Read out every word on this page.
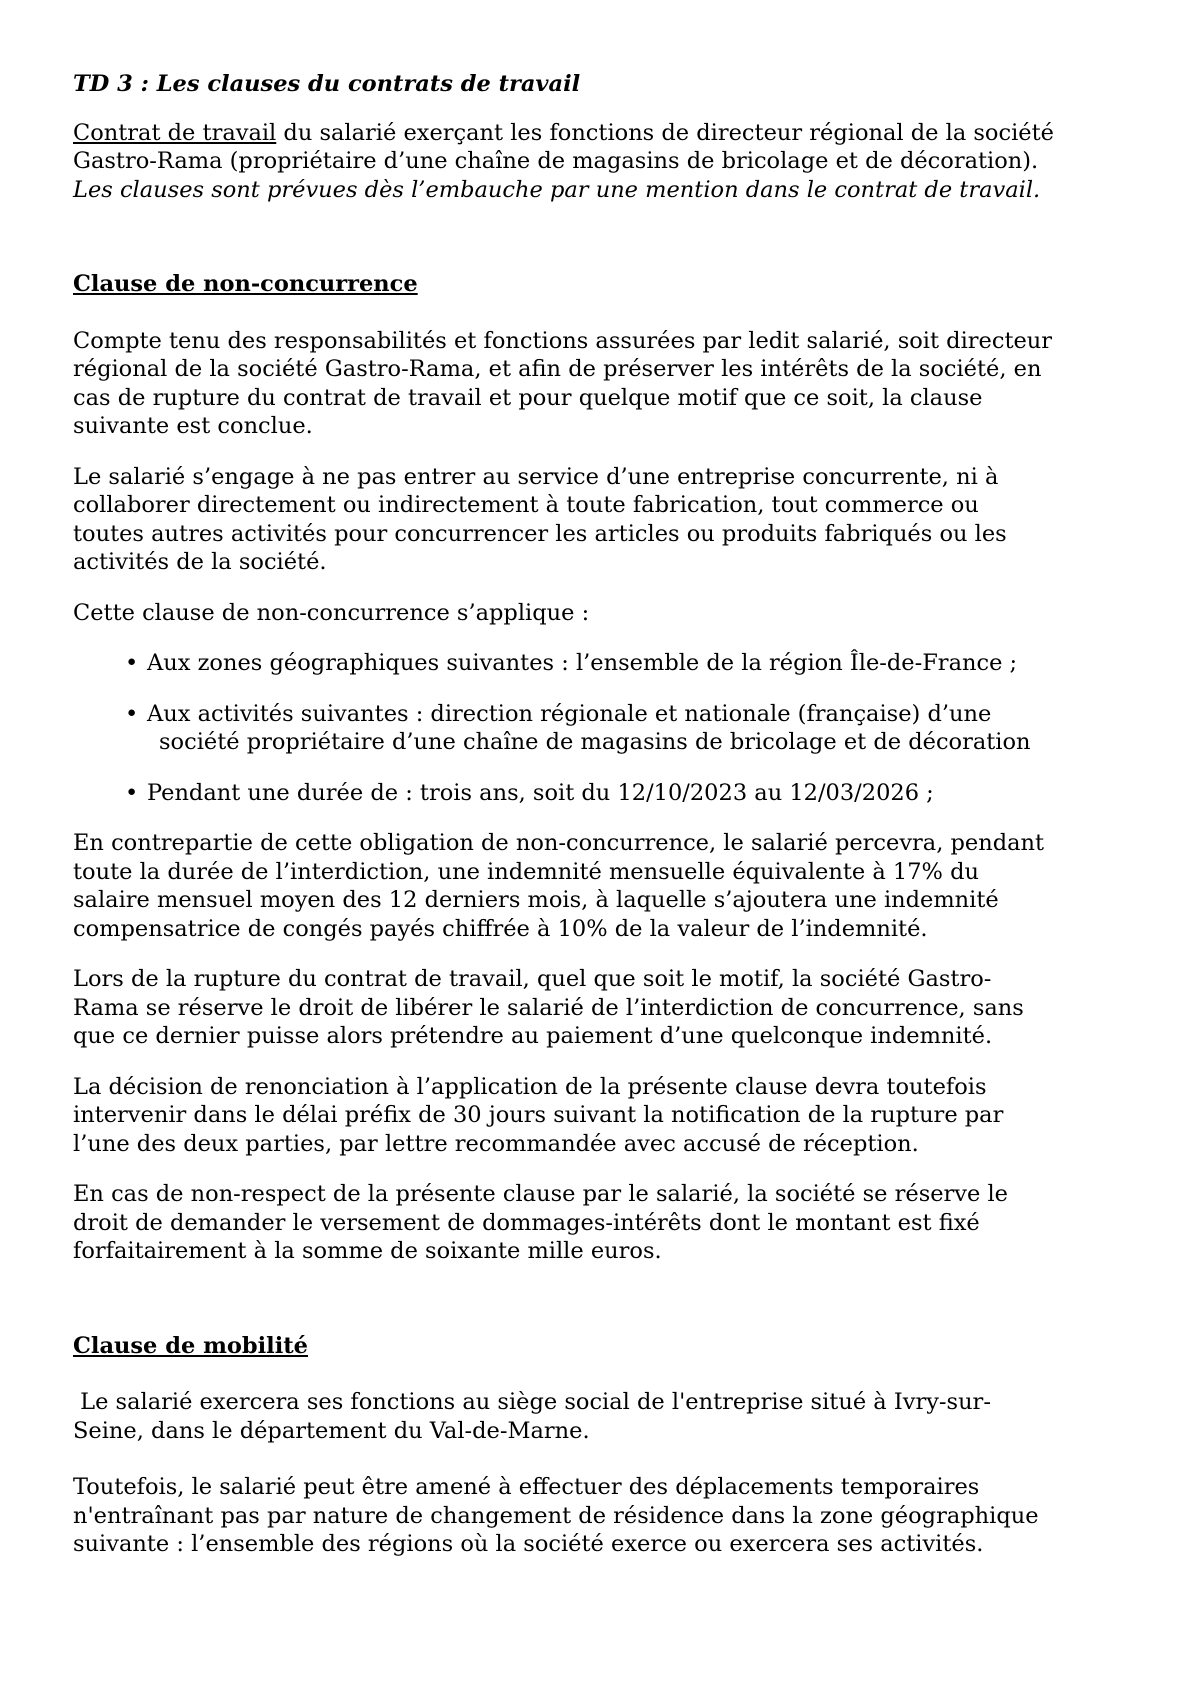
TD 3 : Les clauses du contrats de travail

Contrat de travail du salarié exerçant les fonctions de directeur régional de la société

Gastro-Rama (propriétaire d’une chaîne de magasins de bricolage et de décoration).

Les clauses sont prévues dès l’embauche par une mention dans le contrat de travail.

Clause de non-concurrence

Compte tenu des responsabilités et fonctions assurées par ledit salarié, soit directeur

régional de la société Gastro-Rama, et afin de préserver les intérêts de la société, en

cas de rupture du contrat de travail et pour quelque motif que ce soit, la clause

suivante est conclue.

Le salarié s’engage à ne pas entrer au service d’une entreprise concurrente, ni à

collaborer directement ou indirectement à toute fabrication, tout commerce ou

toutes autres activités pour concurrencer les articles ou produits fabriqués ou les

activités de la société.

Cette clause de non-concurrence s’applique :

• Aux zones géographiques suivantes : l’ensemble de la région Île-de-France ;

• Aux activités suivantes : direction régionale et nationale (française) d’une

société propriétaire d’une chaîne de magasins de bricolage et de décoration

• Pendant une durée de : trois ans, soit du 12/10/2023 au 12/03/2026 ;

En contrepartie de cette obligation de non-concurrence, le salarié percevra, pendant

toute la durée de l’interdiction, une indemnité mensuelle équivalente à 17% du

salaire mensuel moyen des 12 derniers mois, à laquelle s’ajoutera une indemnité

compensatrice de congés payés chiffrée à 10% de la valeur de l’indemnité.

Lors de la rupture du contrat de travail, quel que soit le motif, la société Gastro-

Rama se réserve le droit de libérer le salarié de l’interdiction de concurrence, sans

que ce dernier puisse alors prétendre au paiement d’une quelconque indemnité.

La décision de renonciation à l’application de la présente clause devra toutefois

intervenir dans le délai préfix de 30 jours suivant la notification de la rupture par

l’une des deux parties, par lettre recommandée avec accusé de réception.

En cas de non-respect de la présente clause par le salarié, la société se réserve le

droit de demander le versement de dommages-intérêts dont le montant est fixé

forfaitairement à la somme de soixante mille euros.

Clause de mobilité

Le salarié exercera ses fonctions au siège social de l'entreprise situé à Ivry-sur-

Seine, dans le département du Val-de-Marne.

Toutefois, le salarié peut être amené à effectuer des déplacements temporaires

n'entraînant pas par nature de changement de résidence dans la zone géographique

suivante : l’ensemble des régions où la société exerce ou exercera ses activités.
